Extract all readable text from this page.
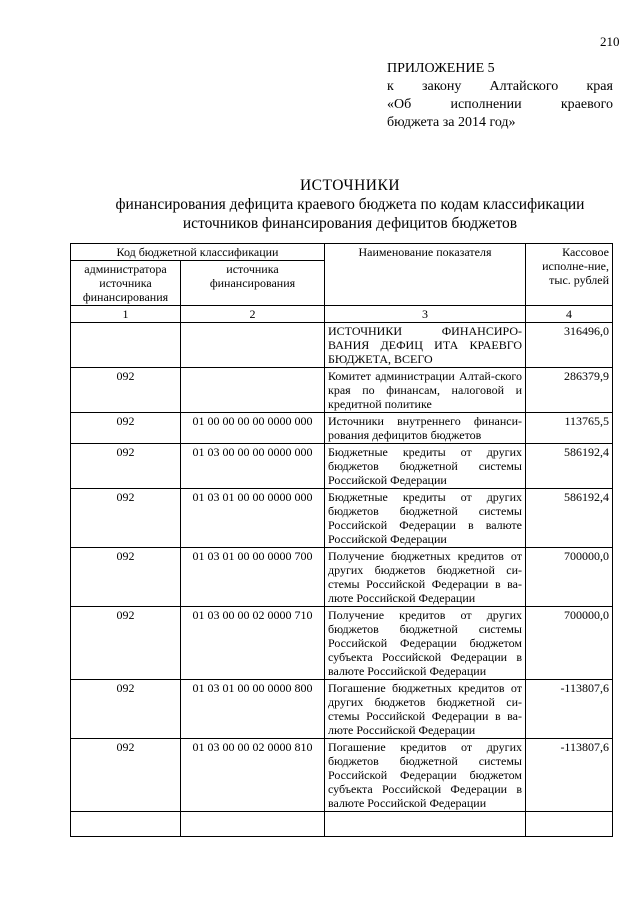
210
ПРИЛОЖЕНИЕ 5
к закону Алтайского края
«Об	исполнении	краевого
бюджета за 2014 год»
ИСТОЧНИКИ
финансирования дефицита краевого бюджета по кодам классификации
источников финансирования дефицитов бюджетов
Код бюджетной классификации		Наименование показателя	Кассовое исполне-ние, тыс. рублей
администратора источника финансирования	источника финансирования		
1	2	3	4
		ИСТОЧНИКИ ФИНАНСИРО-ВАНИЯ ДЕФИЦ ИТА КРАЕВГО БЮДЖЕТА, ВСЕГО	316496,0
092		Комитет администрации Алтай-ского края по финансам, налоговой и кредитной политике	286379,9
092	01 00 00 00 00 0000 000	Источники внутреннего финанси-рования дефицитов бюджетов	113765,5
092	01 03 00 00 00 0000 000	Бюджетные кредиты от других бюджетов бюджетной системы Российской Федерации	586192,4
092	01 03 01 00 00 0000 000	Бюджетные кредиты от других бюджетов бюджетной системы Российской Федерации в валюте Российской Федерации	586192,4
092	01 03 01 00 00 0000 700	Получение бюджетных кредитов от других бюджетов бюджетной си-стемы Российской Федерации в ва-люте Российской Федерации	700000,0
092	01 03 00 00 02 0000 710	Получение кредитов от других бюджетов бюджетной системы Российской Федерации бюджетом субъекта Российской Федерации в валюте Российской Федерации	700000,0
092	01 03 01 00 00 0000 800	Погашение бюджетных кредитов от других бюджетов бюджетной си-стемы Российской Федерации в ва-люте Российской Федерации	-113807,6
092	01 03 00 00 02 0000 810	Погашение кредитов от других бюджетов бюджетной системы Российской Федерации бюджетом субъекта Российской Федерации в валюте Российской Федерации	-113807,6
